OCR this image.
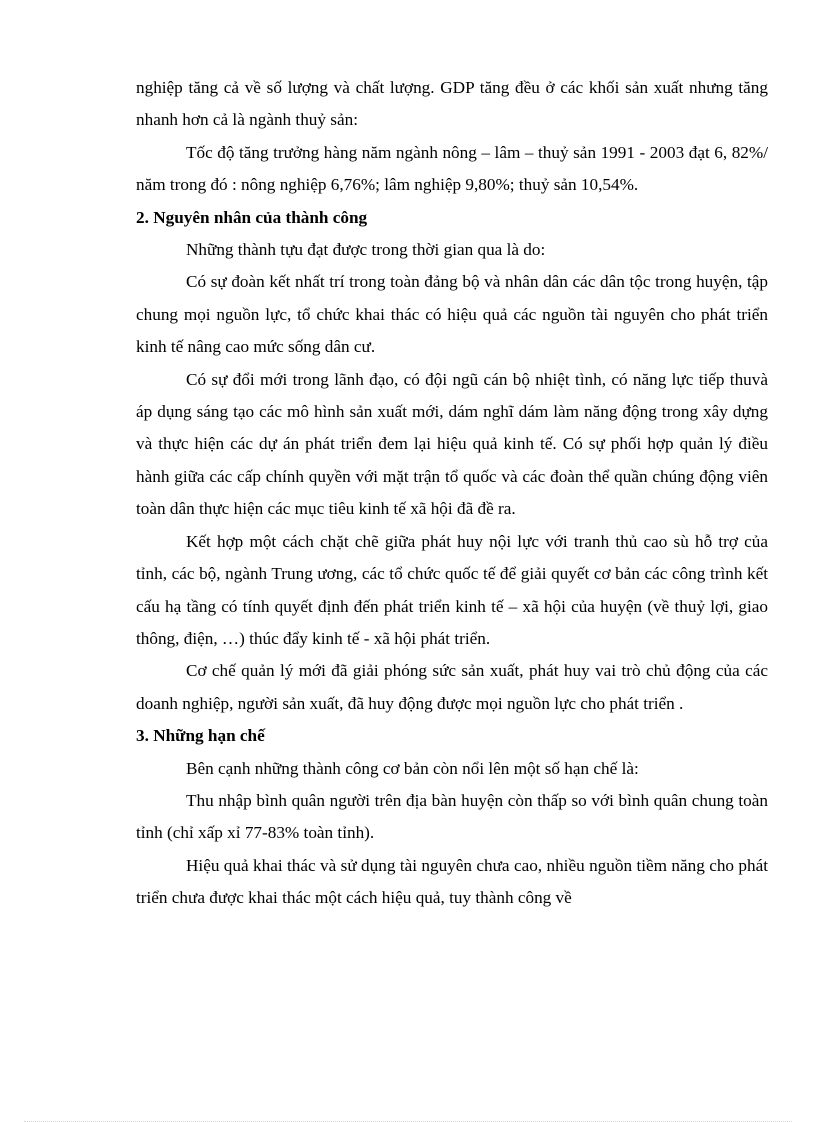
nghiệp tăng cả về số lượng và chất lượng. GDP tăng đều ở các khối sản xuất nhưng tăng nhanh hơn cả là ngành thuỷ sản:

Tốc độ tăng trưởng hàng năm ngành nông – lâm – thuỷ sản 1991 - 2003 đạt 6, 82%/ năm trong đó : nông nghiệp 6,76%; lâm nghiệp 9,80%; thuỷ sản 10,54%.

2. Nguyên nhân của thành công

Những thành tựu đạt được trong thời gian qua là do:

Có sự đoàn kết nhất trí trong toàn đảng bộ và nhân dân các dân tộc trong huyện, tập chung mọi nguồn lực, tổ chức khai thác có hiệu quả các nguồn tài nguyên cho phát triển kinh tế nâng cao mức sống dân cư.

Có sự đổi mới trong lãnh đạo, có đội ngũ cán bộ nhiệt tình, có năng lực tiếp thuvà áp dụng sáng tạo các mô hình sản xuất mới, dám nghĩ dám làm năng động trong xây dựng và thực hiện các dự án phát triển đem lại hiệu quả kinh tế. Có sự phối hợp quản lý điều hành giữa các cấp chính quyền với mặt trận tổ quốc và các đoàn thể quần chúng động viên toàn dân thực hiện các mục tiêu kinh tế xã hội đã đề ra.

Kết hợp một cách chặt chẽ giữa phát huy nội lực với tranh thủ cao sù hỗ trợ của tỉnh, các bộ, ngành Trung ương, các tổ chức quốc tế để giải quyết cơ bản các công trình kết cấu hạ tầng có tính quyết định đến phát triển kinh tế – xã hội của huyện (về thuỷ lợi, giao thông, điện, …) thúc đẩy kinh tế - xã hội phát triển.

Cơ chế quản lý mới đã giải phóng sức sản xuất, phát huy vai trò chủ động của các doanh nghiệp, người sản xuất, đã huy động được mọi nguồn lực cho phát triển .

3. Những hạn chế

Bên cạnh những thành công cơ bản còn nổi lên một số hạn chế là:

Thu nhập bình quân người trên địa bàn huyện còn thấp so với bình quân chung toàn tỉnh (chỉ xấp xỉ 77-83% toàn tỉnh).

Hiệu quả khai thác và sử dụng tài nguyên chưa cao, nhiều nguồn tiềm năng cho phát triển chưa được khai thác một cách hiệu quả, tuy thành công về
